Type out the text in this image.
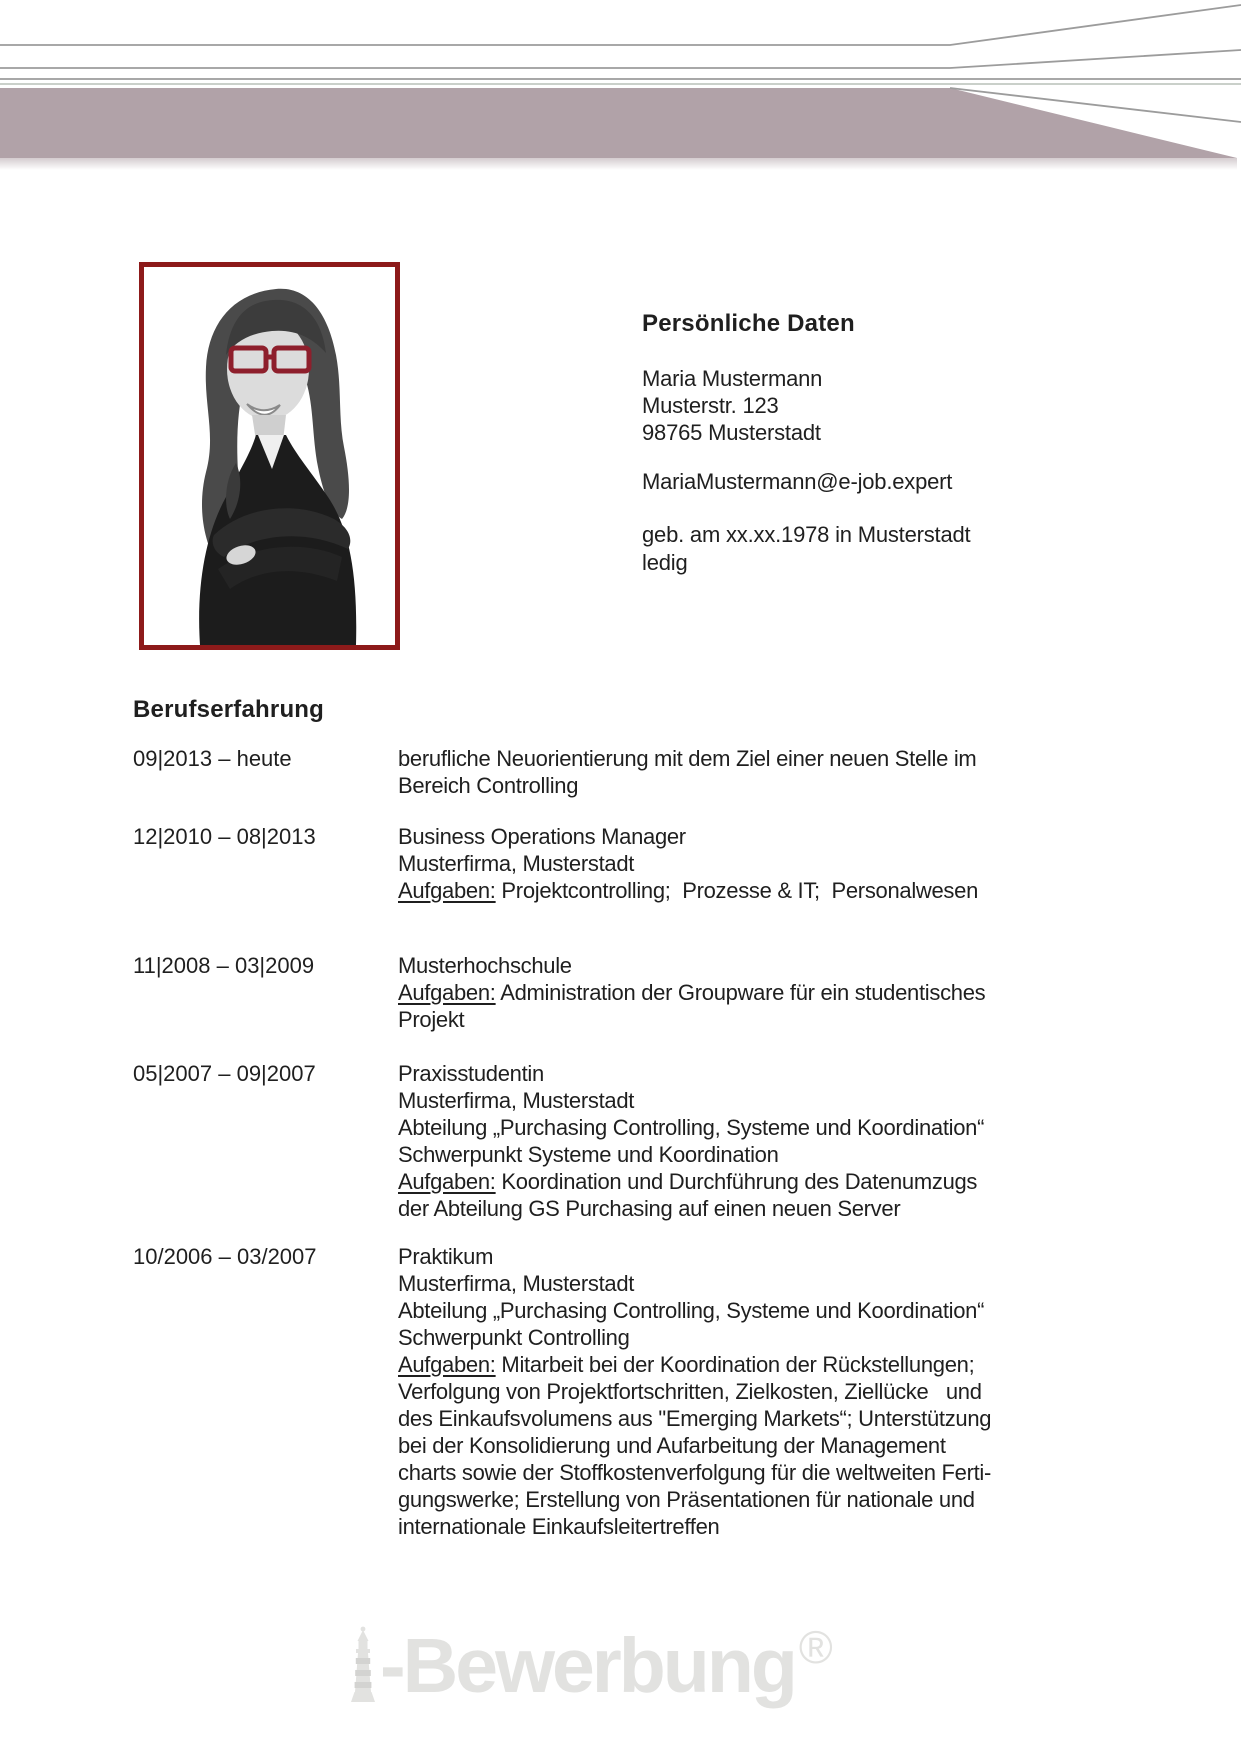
Persönliche Daten
Maria Mustermann
Musterstr. 123
98765 Musterstadt
MariaMustermann@e-job.expert
geb. am xx.xx.1978 in Musterstadt
ledig
Berufserfahrung
09|2013 – heute	berufliche Neuorientierung mit dem Ziel einer neuen Stelle im
Bereich Controlling
12|2010 – 08|2013	Business Operations Manager
Musterfirma, Musterstadt
Aufgaben: Projektcontrolling;  Prozesse & IT;  Personalwesen
11|2008 – 03|2009	Musterhochschule
Aufgaben: Administration der Groupware für ein studentisches
Projekt
05|2007 – 09|2007	Praxisstudentin
Musterfirma, Musterstadt
Abteilung „Purchasing Controlling, Systeme und Koordination“
Schwerpunkt Systeme und Koordination
Aufgaben: Koordination und Durchführung des Datenumzugs
der Abteilung GS Purchasing auf einen neuen Server
10/2006 – 03/2007	Praktikum
Musterfirma, Musterstadt
Abteilung „Purchasing Controlling, Systeme und Koordination“
Schwerpunkt Controlling
Aufgaben: Mitarbeit bei der Koordination der Rückstellungen;
Verfolgung von Projektfortschritten, Zielkosten, Ziellücke   und
des Einkaufsvolumens aus "Emerging Markets“; Unterstützung
bei der Konsolidierung und Aufarbeitung der Management
charts sowie der Stoffkostenverfolgung für die weltweiten Ferti-
gungswerke; Erstellung von Präsentationen für nationale und
internationale Einkaufsleitertreffen
-Bewerbung ®
